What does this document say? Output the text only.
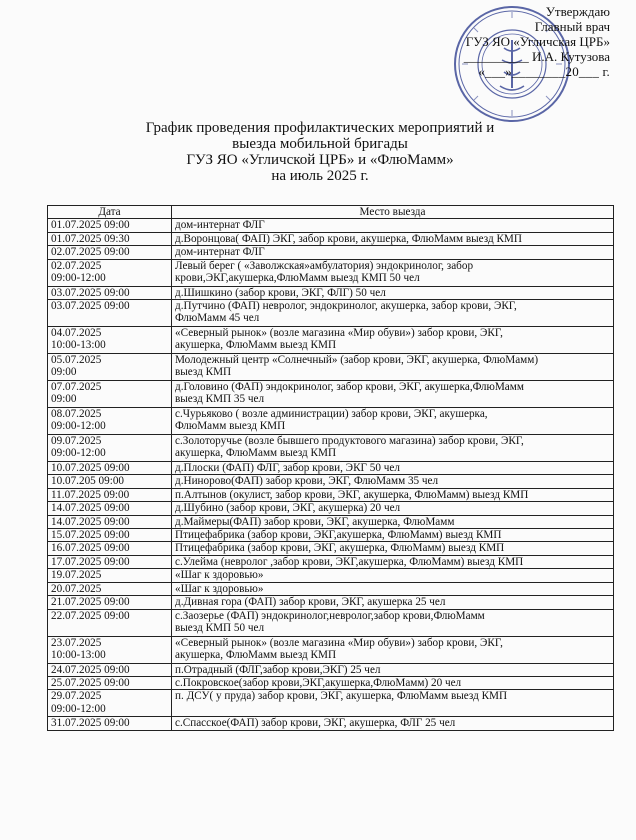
Утверждаю
Главный врач
ГУЗ ЯО «Угличская ЦРБ»
__________ И.А. Кутузова
«___»________20___ г.
График проведения профилактических мероприятий и
выезда мобильной бригады
ГУЗ ЯО «Угличской ЦРБ» и «ФлюМамм»
на июль 2025 г.
Дата	Место выезда
01.07.2025 09:00	дом-интернат ФЛГ
01.07.2025 09:30	д.Воронцова( ФАП) ЭКГ, забор крови, акушерка, ФлюМамм выезд КМП
02.07.2025 09:00	дом-интернат ФЛГ
02.07.2025
09:00-12:00	Левый берег ( «Заволжская»амбулатория) эндокринолог, забор
крови,ЭКГ,акушерка,ФлюМамм выезд КМП 50 чел
03.07.2025 09:00	д.Шишкино (забор крови, ЭКГ, ФЛГ) 50 чел
03.07.2025 09:00	д.Путчино (ФАП) невролог, эндокринолог, акушерка, забор крови, ЭКГ,
ФлюМамм 45 чел
04.07.2025
10:00-13:00	«Северный рынок» (возле магазина «Мир обуви») забор крови, ЭКГ,
акушерка, ФлюМамм выезд КМП
05.07.2025
09:00	Молодежный центр «Солнечный» (забор крови, ЭКГ, акушерка, ФлюМамм)
выезд КМП
07.07.2025
09:00	д.Головино (ФАП) эндокринолог, забор крови, ЭКГ, акушерка,ФлюМамм
выезд КМП 35 чел
08.07.2025
09:00-12:00	с.Чурьяково ( возле администрации) забор крови, ЭКГ, акушерка,
ФлюМамм выезд КМП
09.07.2025
09:00-12:00	с.Золоторучье (возле бывшего продуктового магазина) забор крови, ЭКГ,
акушерка, ФлюМамм выезд КМП
10.07.2025 09:00	д.Плоски (ФАП) ФЛГ, забор крови, ЭКГ 50 чел
10.07.205 09:00	д.Нинорово(ФАП) забор крови, ЭКГ, ФлюМамм 35 чел
11.07.2025 09:00	п.Алтынов (окулист, забор крови, ЭКГ, акушерка, ФлюМамм) выезд КМП
14.07.2025 09:00	д.Шубино (забор крови, ЭКГ, акушерка) 20 чел
14.07.2025 09:00	д.Маймеры(ФАП) забор крови, ЭКГ, акушерка, ФлюМамм
15.07.2025 09:00	Птицефабрика (забор крови, ЭКГ,акушерка, ФлюМамм) выезд КМП
16.07.2025 09:00	Птицефабрика (забор крови, ЭКГ, акушерка, ФлюМамм) выезд КМП
17.07.2025 09:00	с.Улейма (невролог ,забор крови, ЭКГ,акушерка, ФлюМамм) выезд КМП
19.07.2025	«Шаг к здоровью»
20.07.2025	«Шаг к здоровью»
21.07.2025 09:00	д.Дивная гора (ФАП) забор крови, ЭКГ, акушерка 25 чел
22.07.2025 09:00	с.Заозерье (ФАП) эндокринолог,невролог,забор крови,ФлюМамм
выезд КМП 50 чел
23.07.2025
10:00-13:00	«Северный рынок» (возле магазина «Мир обуви») забор крови, ЭКГ,
акушерка, ФлюМамм выезд КМП
24.07.2025 09:00	п.Отрадный (ФЛГ,забор крови,ЭКГ) 25 чел
25.07.2025 09:00	с.Покровское(забор крови,ЭКГ,акушерка,ФлюМамм) 20 чел
29.07.2025
09:00-12:00	п. ДСУ( у пруда) забор крови, ЭКГ, акушерка, ФлюМамм выезд КМП
31.07.2025 09:00	с.Спасское(ФАП) забор крови, ЭКГ, акушерка, ФЛГ 25 чел
